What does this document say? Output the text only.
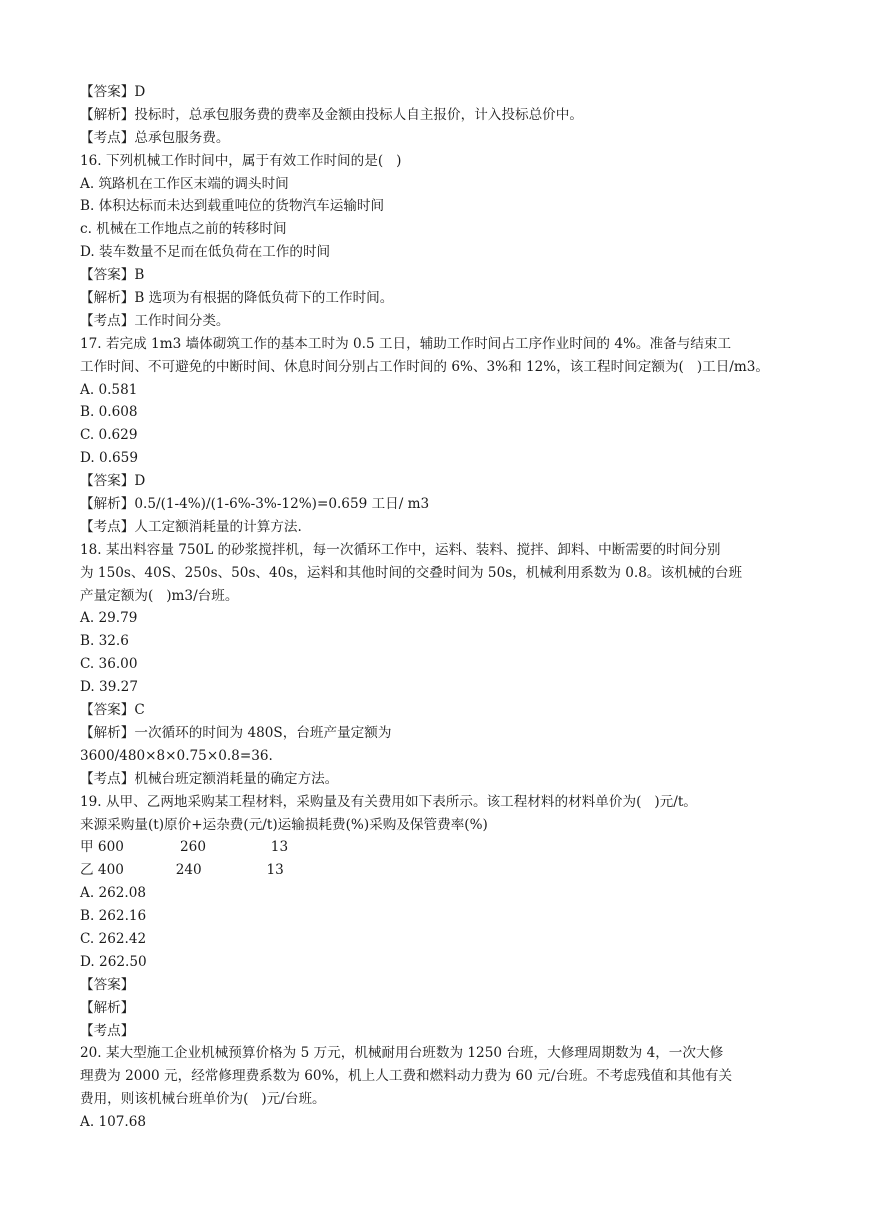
【答案】D
【解析】投标时，总承包服务费的费率及金额由投标人自主报价，计入投标总价中。
【考点】总承包服务费。
16. 下列机械工作时间中，属于有效工作时间的是(   )
A. 筑路机在工作区末端的调头时间
B. 体积达标而未达到载重吨位的货物汽车运输时间
c. 机械在工作地点之前的转移时间
D. 装车数量不足而在低负荷在工作的时间
【答案】B
【解析】B 选项为有根据的降低负荷下的工作时间。
【考点】工作时间分类。
17. 若完成 1m3 墙体砌筑工作的基本工时为 0.5 工日，辅助工作时间占工序作业时间的 4%。准备与结束工
工作时间、不可避免的中断时间、休息时间分别占工作时间的 6%、3%和 12%，该工程时间定额为(   )工日/m3。
A. 0.581
B. 0.608
C. 0.629
D. 0.659
【答案】D
【解析】0.5/(1-4%)/(1-6%-3%-12%)=0.659 工日/ m3
【考点】人工定额消耗量的计算方法.
18. 某出料容量 750L 的砂浆搅拌机，每一次循环工作中，运料、装料、搅拌、卸料、中断需要的时间分别
为 150s、40S、250s、50s、40s，运料和其他时间的交叠时间为 50s，机械利用系数为 0.8。该机械的台班
产量定额为(   )m3/台班。
A. 29.79
B. 32.6
C. 36.00
D. 39.27
【答案】C
【解析】一次循环的时间为 480S，台班产量定额为
3600/480×8×0.75×0.8=36.
【考点】机械台班定额消耗量的确定方法。
19. 从甲、乙两地采购某工程材料，采购量及有关费用如下表所示。该工程材料的材料单价为(   )元/t。
来源采购量(t)原价+运杂费(元/t)运输损耗费(%)采购及保管费率(%)
甲 600             260               13
乙 400            240               13
A. 262.08
B. 262.16
C. 262.42
D. 262.50
【答案】
【解析】
【考点】
20. 某大型施工企业机械预算价格为 5 万元，机械耐用台班数为 1250 台班，大修理周期数为 4，一次大修
理费为 2000 元，经常修理费系数为 60%，机上人工费和燃料动力费为 60 元/台班。不考虑残值和其他有关
费用，则该机械台班单价为(   )元/台班。
A. 107.68
